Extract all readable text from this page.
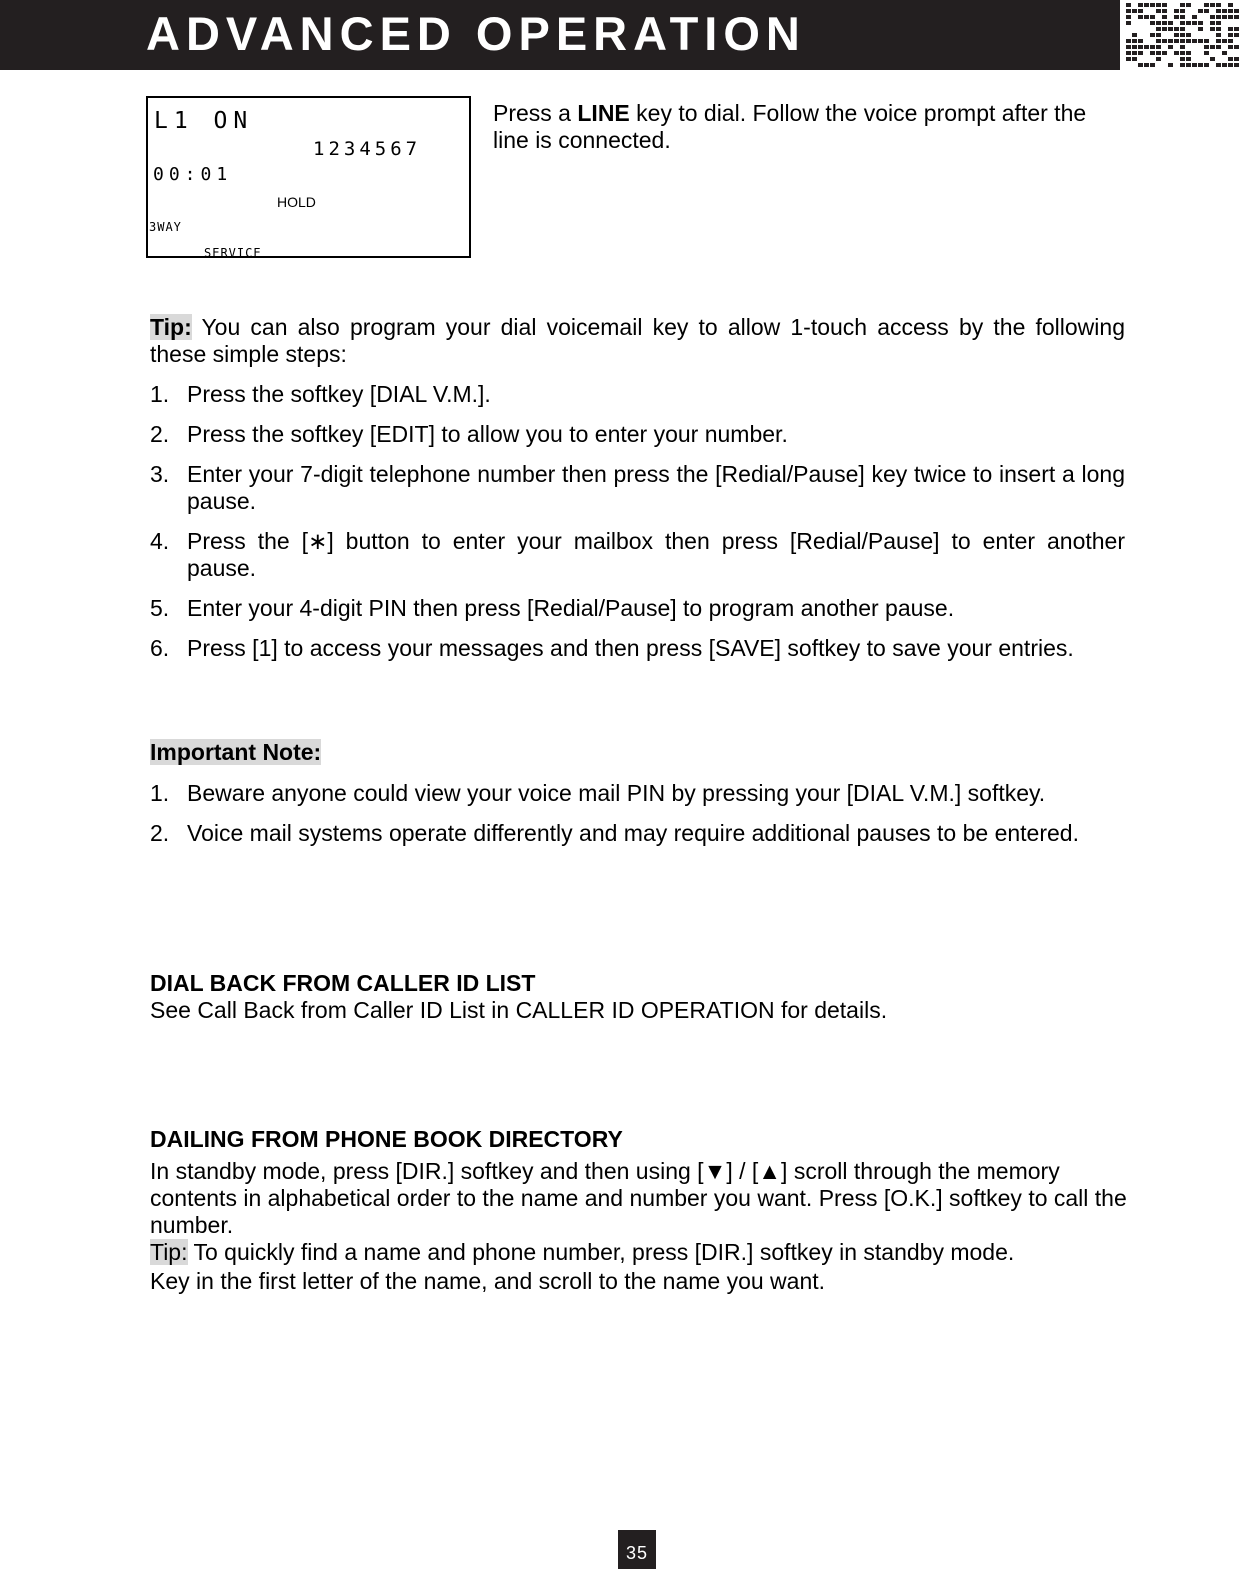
ADVANCED OPERATION
L1 ON
1234567
00:01
HOLD
3WAY
SERVICE
Press a LINE key to dial. Follow the voice prompt after the line is connected.
Tip: You can also program your dial voicemail key to allow 1-touch access by the following these simple steps:
1. Press the softkey [DIAL V.M.].
2. Press the softkey [EDIT] to allow you to enter your number.
3. Enter your 7-digit telephone number then press the [Redial/Pause] key twice to insert a long pause.
4. Press the [∗] button to enter your mailbox then press [Redial/Pause] to enter another pause.
5. Enter your 4-digit PIN then press [Redial/Pause] to program another pause.
6. Press [1] to access your messages and then press [SAVE] softkey to save your entries.
Important Note:
1. Beware anyone could view your voice mail PIN by pressing your [DIAL V.M.] softkey.
2. Voice mail systems operate differently and may require additional pauses to be entered.
DIAL BACK FROM CALLER ID LIST
See Call Back from Caller ID List in CALLER ID OPERATION for details.
DAILING FROM PHONE BOOK DIRECTORY
In standby mode, press [DIR.] softkey and then using [▼] / [▲] scroll through the memory contents in alphabetical order to the name and number you want. Press [O.K.] softkey to call the number.
Tip: To quickly find a name and phone number, press [DIR.] softkey in standby mode.
Key in the first letter of the name, and scroll to the name you want.
35
